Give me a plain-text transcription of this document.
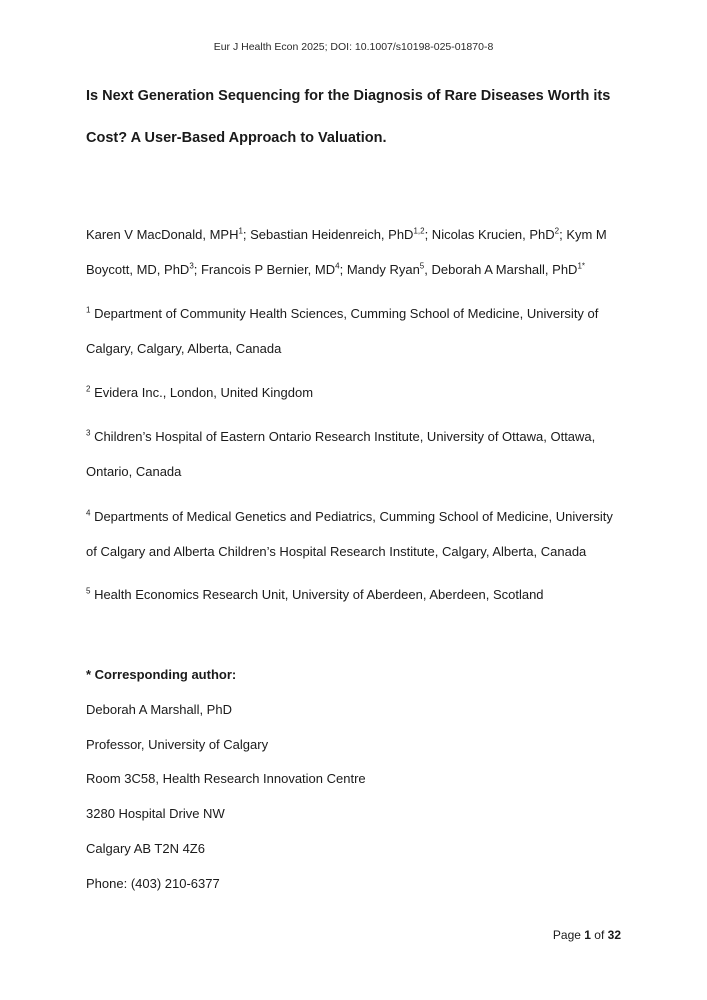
Eur J Health Econ 2025; DOI: 10.1007/s10198-025-01870-8
Is Next Generation Sequencing for the Diagnosis of Rare Diseases Worth its
Cost? A User-Based Approach to Valuation.
Karen V MacDonald, MPH$^1$; Sebastian Heidenreich, PhD$^{1,2}$; Nicolas Krucien, PhD$^2$; Kym M
Boycott, MD, PhD$^3$; Francois P Bernier, $MD^4$; Mandy Ryan$^5$, Deborah A Marshall, PhD$^{1*}$
$^1$ Department of Community Health Sciences, Cumming School of Medicine, University of
Calgary, Calgary, Alberta, Canada
$^2$ Evidera Inc., London, United Kingdom
$^3$ Children’s Hospital of Eastern Ontario Research Institute, University of Ottawa, Ottawa,
Ontario, Canada
$^4$ Departments of Medical Genetics and Pediatrics, Cumming School of Medicine, University
of Calgary and Alberta Children’s Hospital Research Institute, Calgary, Alberta, Canada
$^5$ Health Economics Research Unit, University of Aberdeen, Aberdeen, Scotland
* Corresponding author:
Deborah A Marshall, PhD
Professor, University of Calgary
Room 3C58, Health Research Innovation Centre
3280 Hospital Drive NW
Calgary AB T2N 4Z6
Phone: (403) 210-6377
Page 1 of 32
